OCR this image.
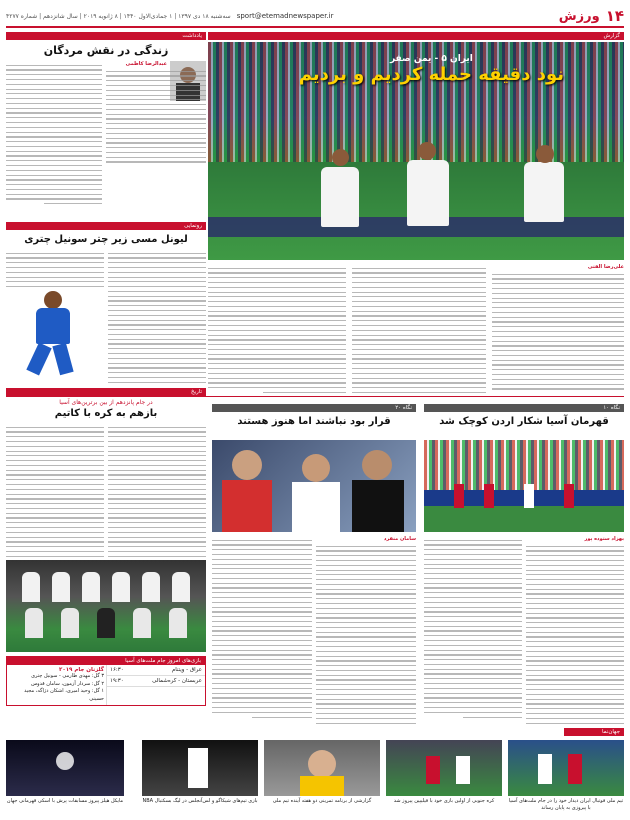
۱۴
ورزش
sport@etemadnewspaper.ir
سه‌شنبه ۱۸ دی ۱۳۹۷ | ۱ جمادی‌الاول ۱۴۴۰ | ۸ ژانویه ۲۰۱۹ | سال شانزدهم | شماره ۴۲۷۷
گزارش
ایران ۵ - یمن صفر
نود دقیقه حمله کردیم و بردیم
یادداشت
زندگی در نقش مردگان
عبدالرضا کاظمی
علی‌رضا الفتی
رونمایی
لیونل مسی زیر چتر سونیل چتری
تاریخ
در جام پانزدهم از بین برترین‌های آسیا
بازهم به کره با کاتیم
بازی‌های امروز جام ملت‌های آسیا
عراق - ویتنام
۱۶:۳۰
عربستان - کره‌شمالی
۱۹:۳۰
گلزنان جام ۲۰۱۹
۳ گل: مهدی طارمی - سونیل چتری
۲ گل: سردار آزمون، سامان قدوس
۱ گل: وحید امیری، اشکان دژاگه، مجید حسینی
نگاه ۲۰
قرار بود نباشند اما هنوز هستند
سامان منفرد
نگاه ۱۰
قهرمان آسیا شکار اردن کوچک شد
بهزاد ستوده پور
جهان‌نما
تیم ملی فوتبال ایران دیدار خود را در جام ملت‌های آسیا با پیروزی به پایان رساند
کره جنوبی از اولین بازی خود با فیلیپین پیروز شد
گزارشی از برنامه تمرینی دو هفته آینده تیم ملی
بازی تیم‌های شیکاگو و لس‌آنجلس در لیگ بسکتبال NBA
مایکل هیلز پیروز مسابقات پرش با اسکی قهرمانی جهان
